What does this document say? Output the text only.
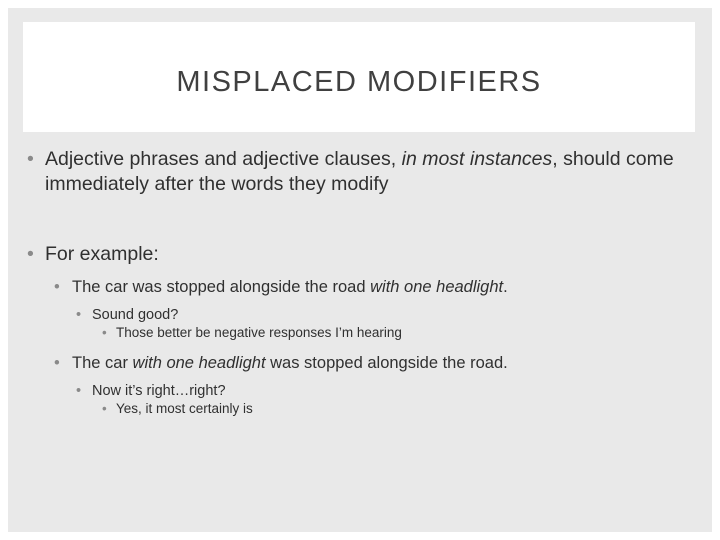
MISPLACED MODIFIERS
• Adjective phrases and adjective clauses, in most instances, should come immediately after the words they modify
• For example:
• The car was stopped alongside the road with one headlight.
• Sound good?
• Those better be negative responses I’m hearing
• The car with one headlight was stopped alongside the road.
• Now it’s right…right?
• Yes, it most certainly is
